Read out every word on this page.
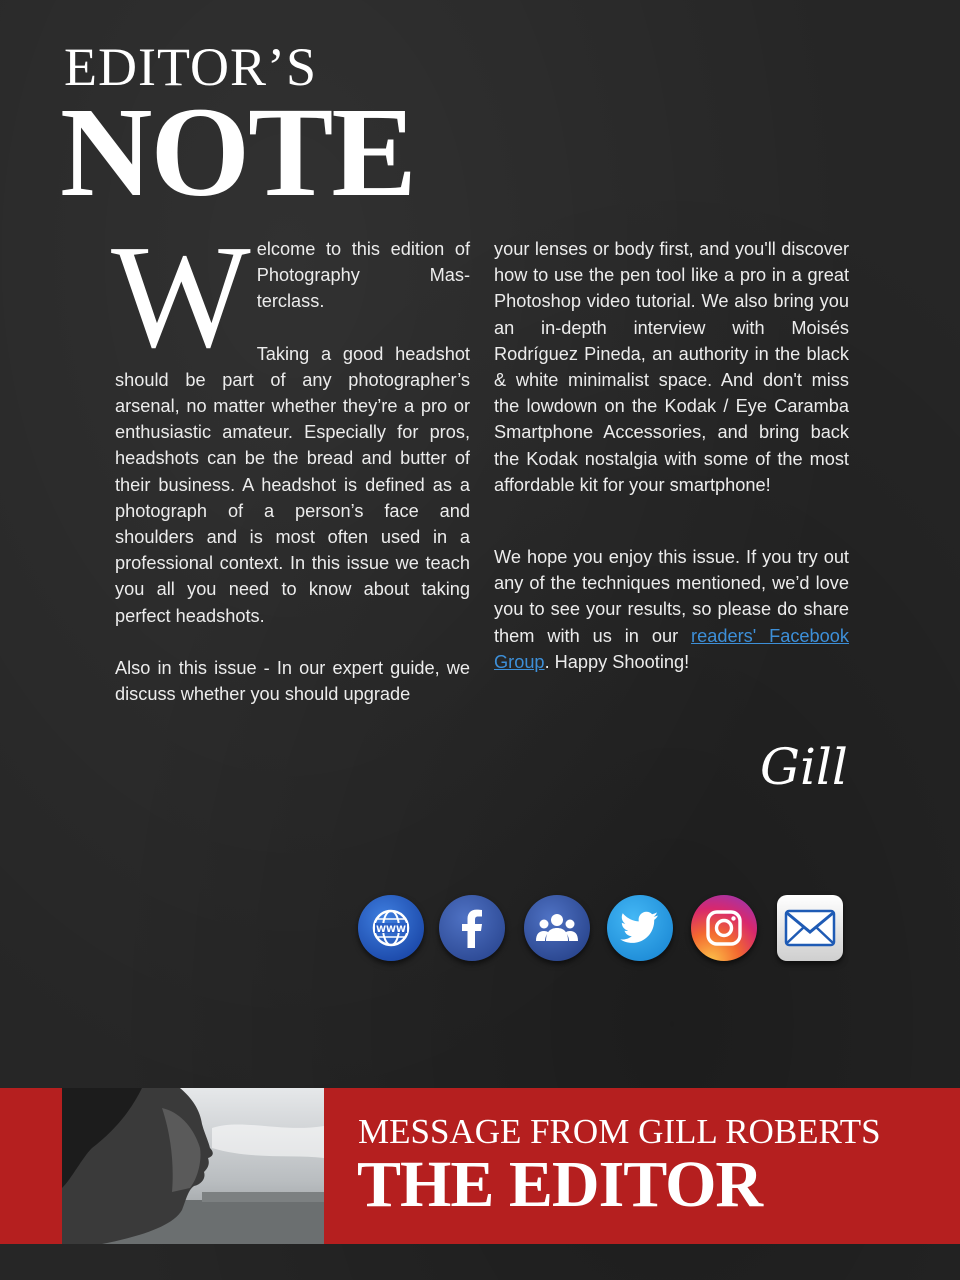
EDITOR’S
NOTE
W elcome to this edition of Photography Mas-terclass.

Taking a good headshot should be part of any photographer’s arsenal, no matter whether they’re a pro or enthusiastic amateur. Especially for pros, headshots can be the bread and butter of their business. A headshot is defined as a photograph of a person’s face and shoulders and is most often used in a professional context. In this issue we teach you all you need to know about taking perfect headshots.

Also in this issue - In our expert guide, we discuss whether you should upgrade

your lenses or body first, and you'll discover how to use the pen tool like a pro in a great Photoshop video tutorial. We also bring you an in-depth interview with Moisés Rodríguez Pineda, an authority in the black & white minimalist space. And don't miss the lowdown on the Kodak / Eye Caramba Smartphone Accessories, and bring back the Kodak nostalgia with some of the most affordable kit for your smartphone!

We hope you enjoy this issue. If you try out any of the techniques mentioned, we’d love you to see your results, so please do share them with us in our readers' Facebook Group. Happy Shooting!

Gill
WWW
MESSAGE FROM GILL ROBERTS
THE EDITOR
